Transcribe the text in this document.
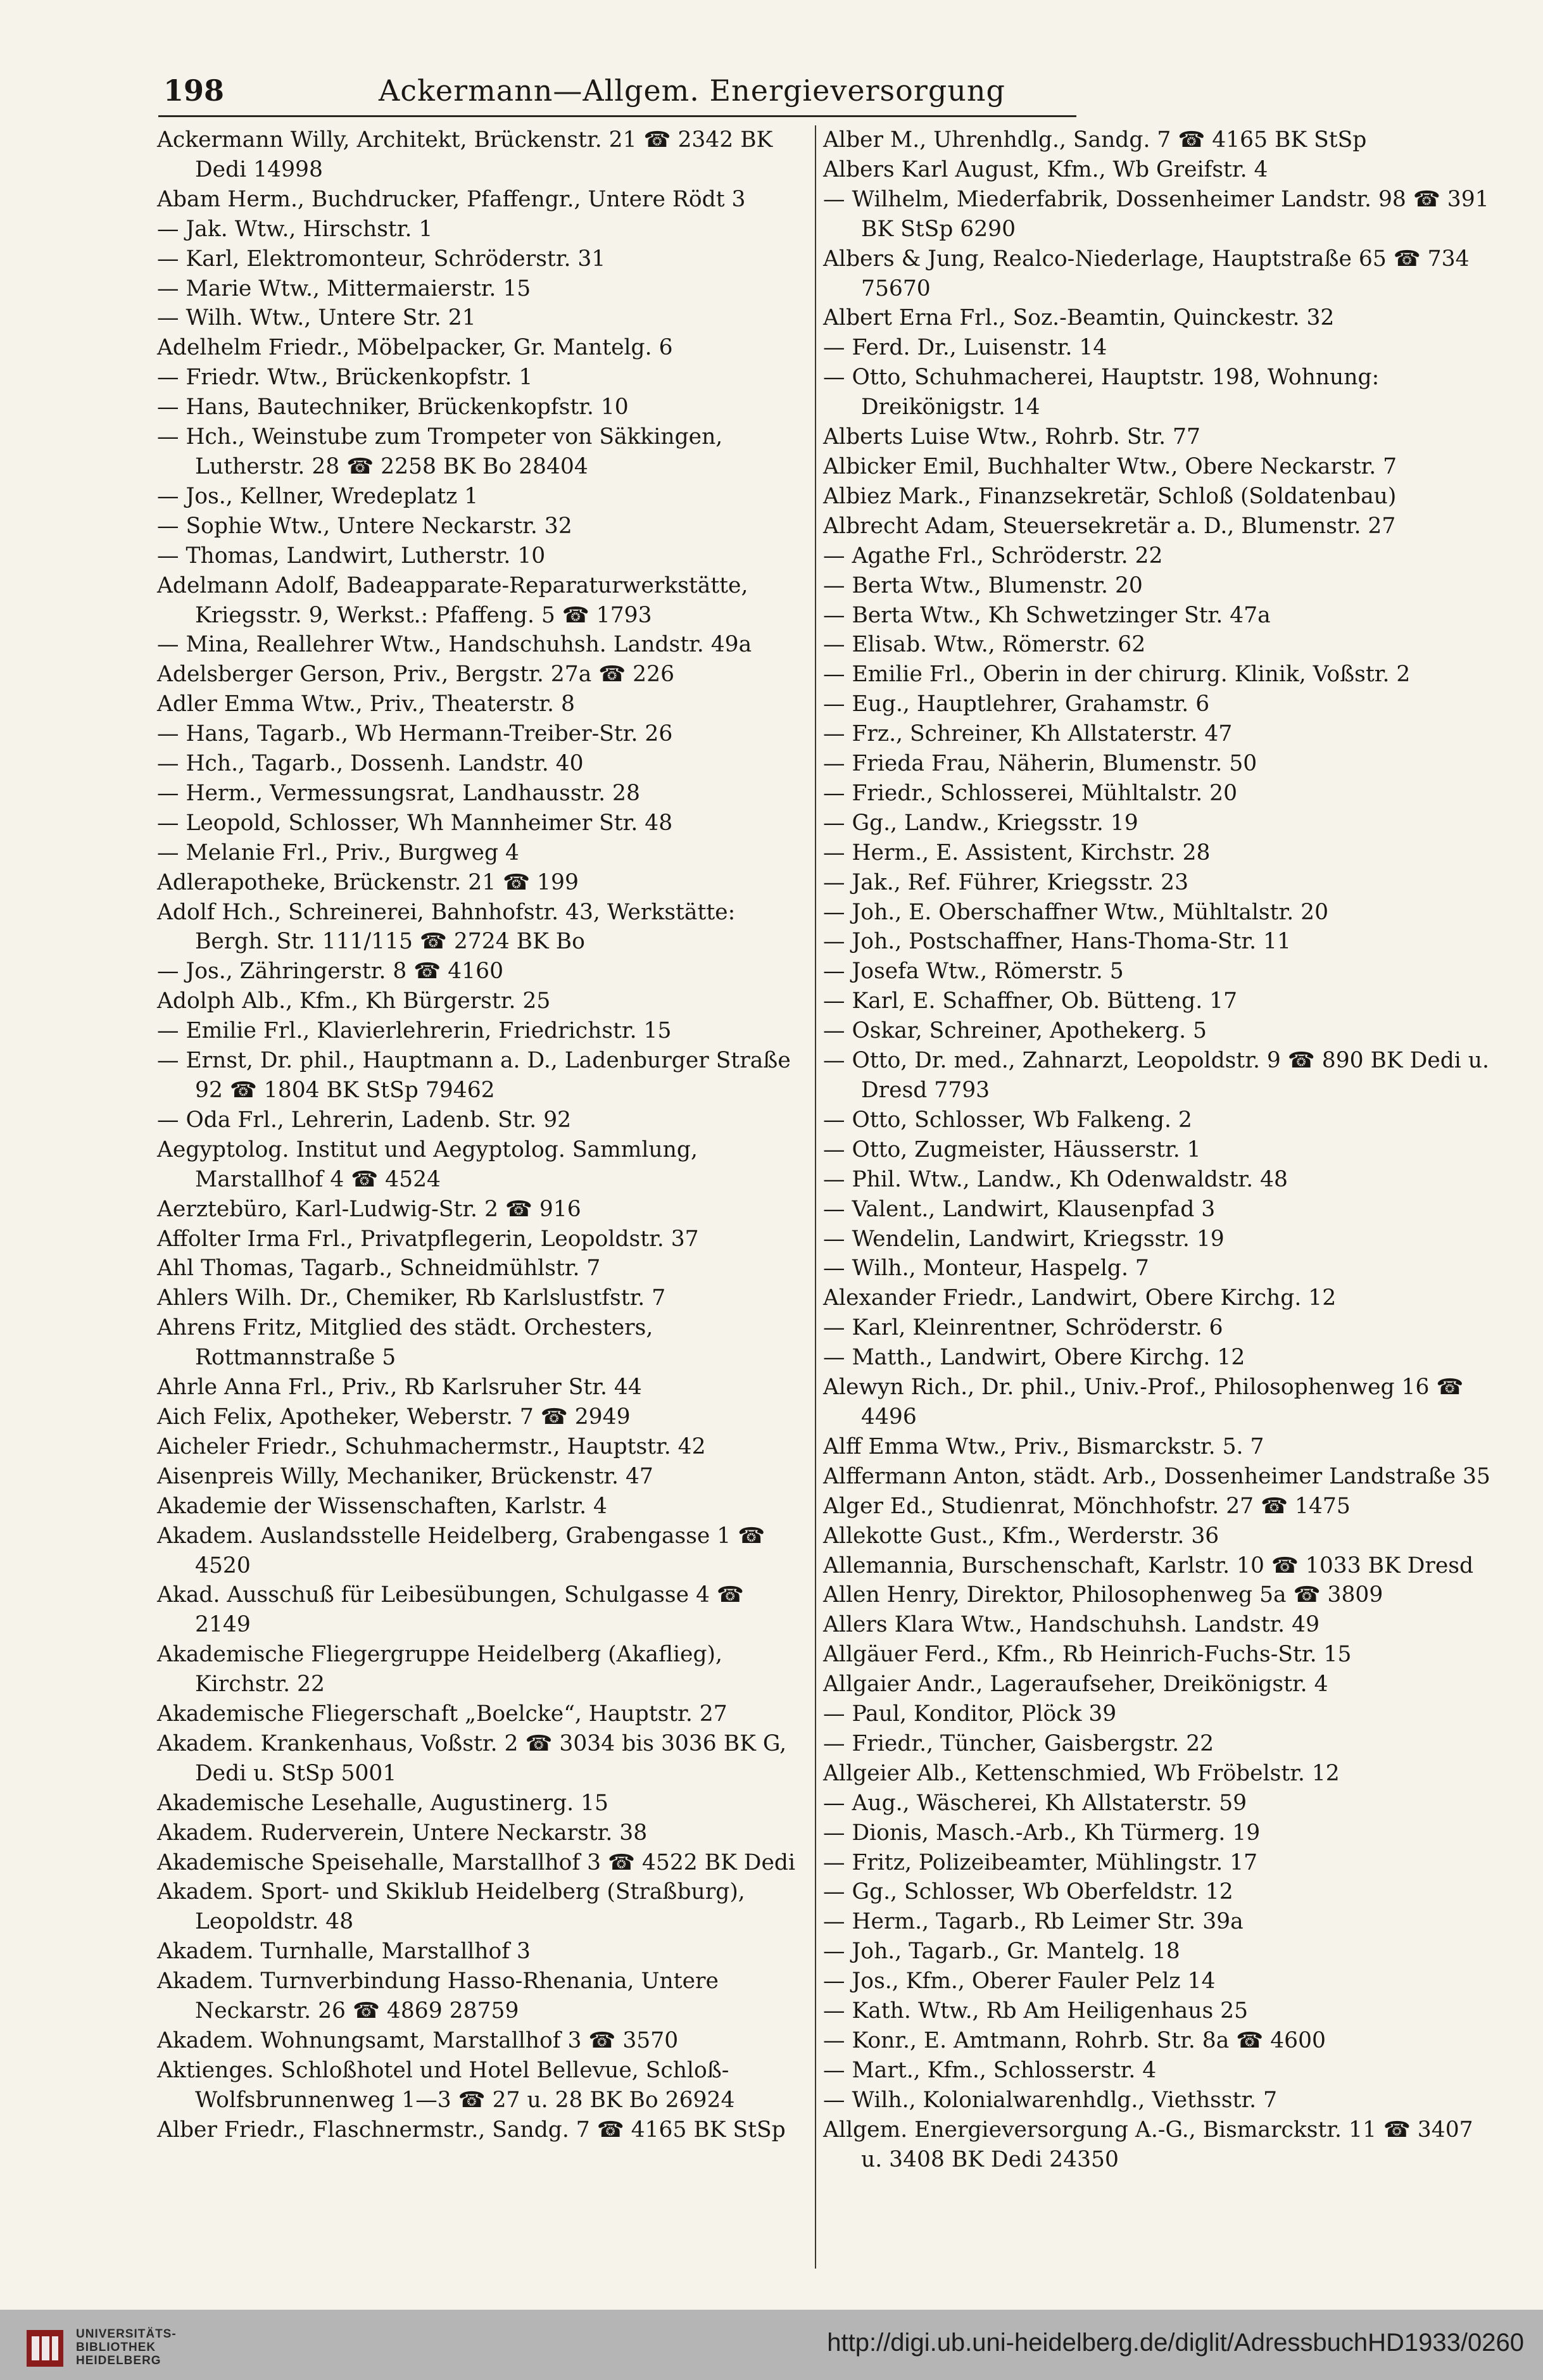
198	Ackermann—Allgem. Energieversorgung
Ackermann Willy, Architekt, Brückenstr. 21 ☎ 2342 BK Dedi 14998
Abam Herm., Buchdrucker, Pfaffengr., Untere Rödt 3
— Jak. Wtw., Hirschstr. 1
— Karl, Elektromonteur, Schröderstr. 31
— Marie Wtw., Mittermaierstr. 15
— Wilh. Wtw., Untere Str. 21
Adelhelm Friedr., Möbelpacker, Gr. Mantelg. 6
— Friedr. Wtw., Brückenkopfstr. 1
— Hans, Bautechniker, Brückenkopfstr. 10
— Hch., Weinstube zum Trompeter von Säkkingen, Lutherstr. 28 ☎ 2258 BK Bo 28404
— Jos., Kellner, Wredeplatz 1
— Sophie Wtw., Untere Neckarstr. 32
— Thomas, Landwirt, Lutherstr. 10
Adelmann Adolf, Badeapparate-Reparaturwerkstätte, Kriegsstr. 9, Werkst.: Pfaffeng. 5 ☎ 1793
— Mina, Reallehrer Wtw., Handschuhsh. Landstr. 49a
Adelsberger Gerson, Priv., Bergstr. 27a ☎ 226
Adler Emma Wtw., Priv., Theaterstr. 8
— Hans, Tagarb., Wb Hermann-Treiber-Str. 26
— Hch., Tagarb., Dossenh. Landstr. 40
— Herm., Vermessungsrat, Landhausstr. 28
— Leopold, Schlosser, Wh Mannheimer Str. 48
— Melanie Frl., Priv., Burgweg 4
Adlerapotheke, Brückenstr. 21 ☎ 199
Adolf Hch., Schreinerei, Bahnhofstr. 43, Werkstätte: Bergh. Str. 111/115 ☎ 2724 BK Bo
— Jos., Zähringerstr. 8 ☎ 4160
Adolph Alb., Kfm., Kh Bürgerstr. 25
— Emilie Frl., Klavierlehrerin, Friedrichstr. 15
— Ernst, Dr. phil., Hauptmann a. D., Ladenburger Straße 92 ☎ 1804 BK StSp 79462
— Oda Frl., Lehrerin, Ladenb. Str. 92
Aegyptolog. Institut und Aegyptolog. Sammlung, Marstallhof 4 ☎ 4524
Aerztebüro, Karl-Ludwig-Str. 2 ☎ 916
Affolter Irma Frl., Privatpflegerin, Leopoldstr. 37
Ahl Thomas, Tagarb., Schneidmühlstr. 7
Ahlers Wilh. Dr., Chemiker, Rb Karlslustfstr. 7
Ahrens Fritz, Mitglied des städt. Orchesters, Rottmannstraße 5
Ahrle Anna Frl., Priv., Rb Karlsruher Str. 44
Aich Felix, Apotheker, Weberstr. 7 ☎ 2949
Aicheler Friedr., Schuhmachermstr., Hauptstr. 42
Aisenpreis Willy, Mechaniker, Brückenstr. 47
Akademie der Wissenschaften, Karlstr. 4
Akadem. Auslandsstelle Heidelberg, Grabengasse 1 ☎ 4520
Akad. Ausschuß für Leibesübungen, Schulgasse 4 ☎ 2149
Akademische Fliegergruppe Heidelberg (Akaflieg), Kirchstr. 22
Akademische Fliegerschaft „Boelcke“, Hauptstr. 27
Akadem. Krankenhaus, Voßstr. 2 ☎ 3034 bis 3036 BK G, Dedi u. StSp 5001
Akademische Lesehalle, Augustinerg. 15
Akadem. Ruderverein, Untere Neckarstr. 38
Akademische Speisehalle, Marstallhof 3 ☎ 4522 BK Dedi
Akadem. Sport- und Skiklub Heidelberg (Straßburg), Leopoldstr. 48
Akadem. Turnhalle, Marstallhof 3
Akadem. Turnverbindung Hasso-Rhenania, Untere Neckarstr. 26 ☎ 4869 28759
Akadem. Wohnungsamt, Marstallhof 3 ☎ 3570
Aktienges. Schloßhotel und Hotel Bellevue, Schloß-Wolfsbrunnenweg 1—3 ☎ 27 u. 28 BK Bo 26924
Alber Friedr., Flaschnermstr., Sandg. 7 ☎ 4165 BK StSp
Alber M., Uhrenhdlg., Sandg. 7 ☎ 4165 BK StSp
Albers Karl August, Kfm., Wb Greifstr. 4
— Wilhelm, Miederfabrik, Dossenheimer Landstr. 98 ☎ 391 BK StSp 6290
Albers & Jung, Realco-Niederlage, Hauptstraße 65 ☎ 734 75670
Albert Erna Frl., Soz.-Beamtin, Quinckestr. 32
— Ferd. Dr., Luisenstr. 14
— Otto, Schuhmacherei, Hauptstr. 198, Wohnung: Dreikönigstr. 14
Alberts Luise Wtw., Rohrb. Str. 77
Albicker Emil, Buchhalter Wtw., Obere Neckarstr. 7
Albiez Mark., Finanzsekretär, Schloß (Soldatenbau)
Albrecht Adam, Steuersekretär a. D., Blumenstr. 27
— Agathe Frl., Schröderstr. 22
— Berta Wtw., Blumenstr. 20
— Berta Wtw., Kh Schwetzinger Str. 47a
— Elisab. Wtw., Römerstr. 62
— Emilie Frl., Oberin in der chirurg. Klinik, Voßstr. 2
— Eug., Hauptlehrer, Grahamstr. 6
— Frz., Schreiner, Kh Allstaterstr. 47
— Frieda Frau, Näherin, Blumenstr. 50
— Friedr., Schlosserei, Mühltalstr. 20
— Gg., Landw., Kriegsstr. 19
— Herm., E. Assistent, Kirchstr. 28
— Jak., Ref. Führer, Kriegsstr. 23
— Joh., E. Oberschaffner Wtw., Mühltalstr. 20
— Joh., Postschaffner, Hans-Thoma-Str. 11
— Josefa Wtw., Römerstr. 5
— Karl, E. Schaffner, Ob. Bütteng. 17
— Oskar, Schreiner, Apothekerg. 5
— Otto, Dr. med., Zahnarzt, Leopoldstr. 9 ☎ 890 BK Dedi u. Dresd 7793
— Otto, Schlosser, Wb Falkeng. 2
— Otto, Zugmeister, Häusserstr. 1
— Phil. Wtw., Landw., Kh Odenwaldstr. 48
— Valent., Landwirt, Klausenpfad 3
— Wendelin, Landwirt, Kriegsstr. 19
— Wilh., Monteur, Haspelg. 7
Alexander Friedr., Landwirt, Obere Kirchg. 12
— Karl, Kleinrentner, Schröderstr. 6
— Matth., Landwirt, Obere Kirchg. 12
Alewyn Rich., Dr. phil., Univ.-Prof., Philosophenweg 16 ☎ 4496
Alff Emma Wtw., Priv., Bismarckstr. 5. 7
Alffermann Anton, städt. Arb., Dossenheimer Landstraße 35
Alger Ed., Studienrat, Mönchhofstr. 27 ☎ 1475
Allekotte Gust., Kfm., Werderstr. 36
Allemannia, Burschenschaft, Karlstr. 10 ☎ 1033 BK Dresd
Allen Henry, Direktor, Philosophenweg 5a ☎ 3809
Allers Klara Wtw., Handschuhsh. Landstr. 49
Allgäuer Ferd., Kfm., Rb Heinrich-Fuchs-Str. 15
Allgaier Andr., Lageraufseher, Dreikönigstr. 4
— Paul, Konditor, Plöck 39
— Friedr., Tüncher, Gaisbergstr. 22
Allgeier Alb., Kettenschmied, Wb Fröbelstr. 12
— Aug., Wäscherei, Kh Allstaterstr. 59
— Dionis, Masch.-Arb., Kh Türmerg. 19
— Fritz, Polizeibeamter, Mühlingstr. 17
— Gg., Schlosser, Wb Oberfeldstr. 12
— Herm., Tagarb., Rb Leimer Str. 39a
— Joh., Tagarb., Gr. Mantelg. 18
— Jos., Kfm., Oberer Fauler Pelz 14
— Kath. Wtw., Rb Am Heiligenhaus 25
— Konr., E. Amtmann, Rohrb. Str. 8a ☎ 4600
— Mart., Kfm., Schlosserstr. 4
— Wilh., Kolonialwarenhdlg., Viethsstr. 7
Allgem. Energieversorgung A.-G., Bismarckstr. 11 ☎ 3407 u. 3408 BK Dedi 24350
UNIVERSITÄTS-
BIBLIOTHEK
HEIDELBERG
http://digi.ub.uni-heidelberg.de/diglit/AdressbuchHD1933/0260
